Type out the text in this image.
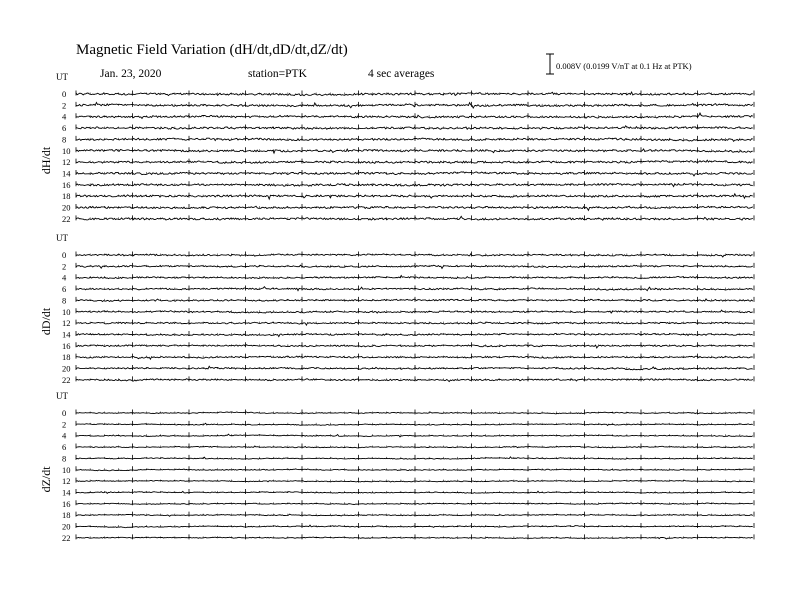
Magnetic Field Variation (dH/dt,dD/dt,dZ/dt)
Jan. 23, 2020	station=PTK	4 sec averages
0.008V (0.0199 V/nT at 0.1 Hz at PTK)
UT
dH/dt
0
2
4
6
8
10
12
14
16
18
20
22
UT
dD/dt
0
2
4
6
8
10
12
14
16
18
20
22
UT
dZ/dt
0
2
4
6
8
10
12
14
16
18
20
22
